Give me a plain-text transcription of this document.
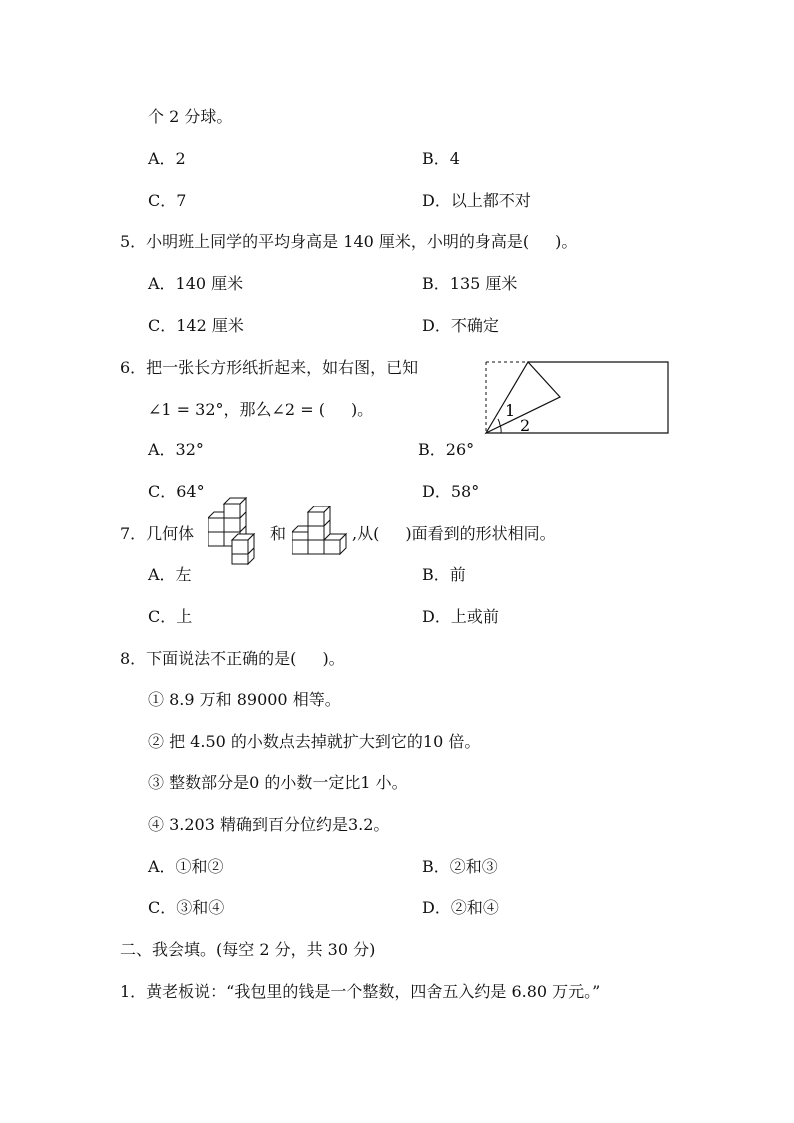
个 2 分球。
A．2	B．4
C．7	D．以上都不对
5．小明班上同学的平均身高是 140 厘米，小明的身高是( )。
A．140 厘米	B．135 厘米
C．142 厘米	D．不确定
6．把一张长方形纸折起来，如右图，已知
∠1 = 32°，那么∠2 = ( )。	1
2
A．32°	B．26°
C．64°	D．58°
7．几何体	和	,从( )面看到的形状相同。
A．左	B．前
C．上	D．上或前
8．下面说法不正确的是( )。
① 8.9 万和 89000 相等。
② 把 4.50 的小数点去掉就扩大到它的10 倍。
③ 整数部分是0 的小数一定比1 小。
④ 3.203 精确到百分位约是3.2。
A．①和②	B．②和③
C．③和④	D．②和④
二、我会填。(每空 2 分，共 30 分)
1．黄老板说：“我包里的钱是一个整数，四舍五入约是 6.80 万元。”
